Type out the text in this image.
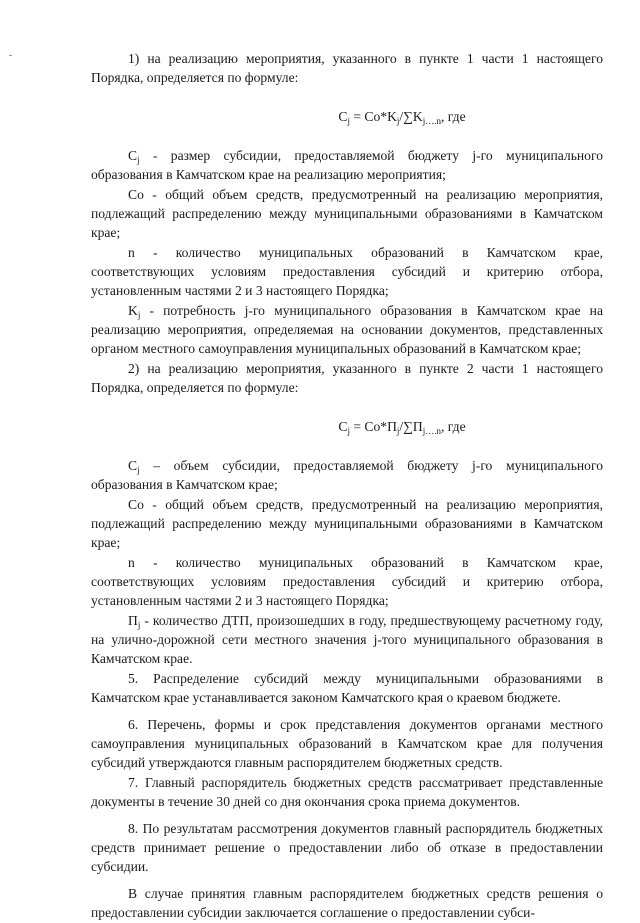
1) на реализацию мероприятия, указанного в пункте 1 части 1 настоящего Порядка, определяется по формуле:

$C_j = Co*K_j/\sum K_{j\dots.n}$, где

$C_j$ - размер субсидии, предоставляемой бюджету j-го муниципального образования в Камчатском крае на реализацию мероприятия;

Со - общий объем средств, предусмотренный на реализацию мероприятия, подлежащий распределению между муниципальными образованиями в Камчатском крае;

n - количество муниципальных образований в Камчатском крае, соответствующих условиям предоставления субсидий и критерию отбора, установленным частями 2 и 3 настоящего Порядка;

$K_j$ - потребность j-го муниципального образования в Камчатском крае на реализацию мероприятия, определяемая на основании документов, представленных органом местного самоуправления муниципальных образований в Камчатском крае;

2) на реализацию мероприятия, указанного в пункте 2 части 1 настоящего Порядка, определяется по формуле:

$C_j = Co*П_j/\sum П_{j\dots.n}$, где

$C_j$ – объем субсидии, предоставляемой бюджету j-го муниципального образования в Камчатском крае;

Со - общий объем средств, предусмотренный на реализацию мероприятия, подлежащий распределению между муниципальными образованиями в Камчатском крае;

n - количество муниципальных образований в Камчатском крае, соответствующих условиям предоставления субсидий и критерию отбора, установленным частями 2 и 3 настоящего Порядка;

$П_j$ - количество ДТП, произошедших в году, предшествующему расчетному году, на улично-дорожной сети местного значения j-того муниципального образования в Камчатском крае.

5. Распределение субсидий между муниципальными образованиями в Камчатском крае устанавливается законом Камчатского края о краевом бюджете.

6. Перечень, формы и срок представления документов органами местного самоуправления муниципальных образований в Камчатском крае для получения субсидий утверждаются главным распорядителем бюджетных средств.

7. Главный распорядитель бюджетных средств рассматривает представленные документы в течение 30 дней со дня окончания срока приема документов.

8. По результатам рассмотрения документов главный распорядитель бюджетных средств принимает решение о предоставлении либо об отказе в предоставлении субсидии.

В случае принятия главным распорядителем бюджетных средств решения о предоставлении субсидии заключается соглашение о предоставлении субси-
